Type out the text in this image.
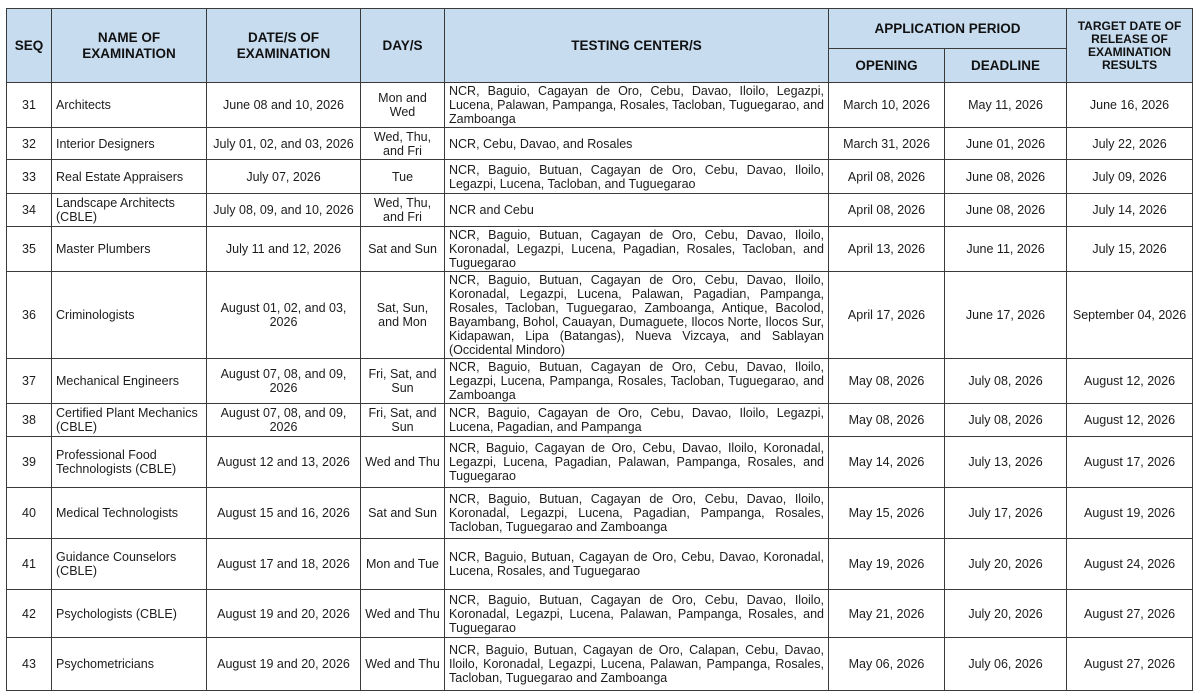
SEQ	NAME OF EXAMINATION	DATE/S OF EXAMINATION	DAY/S	TESTING CENTER/S	APPLICATION PERIOD		TARGET DATE OF RELEASE OF EXAMINATION RESULTS
					OPENING	DEADLINE	
31	Architects	June 08 and 10, 2026	Mon and Wed	NCR, Baguio, Cagayan de Oro, Cebu, Davao, Iloilo, Legazpi, Lucena, Palawan, Pampanga, Rosales, Tacloban, Tuguegarao, and Zamboanga	March 10, 2026	May 11, 2026	June 16, 2026
32	Interior Designers	July 01, 02, and 03, 2026	Wed, Thu, and Fri	NCR, Cebu, Davao, and Rosales	March 31, 2026	June 01, 2026	July 22, 2026
33	Real Estate Appraisers	July 07, 2026	Tue	NCR, Baguio, Butuan, Cagayan de Oro, Cebu, Davao, Iloilo, Legazpi, Lucena, Tacloban, and Tuguegarao	April 08, 2026	June 08, 2026	July 09, 2026
34	Landscape Architects (CBLE)	July 08, 09, and 10, 2026	Wed, Thu, and Fri	NCR and Cebu	April 08, 2026	June 08, 2026	July 14, 2026
35	Master Plumbers	July 11 and 12, 2026	Sat and Sun	NCR, Baguio, Butuan, Cagayan de Oro, Cebu, Davao, Iloilo, Koronadal, Legazpi, Lucena, Pagadian, Rosales, Tacloban, and Tuguegarao	April 13, 2026	June 11, 2026	July 15, 2026
36	Criminologists	August 01, 02, and 03, 2026	Sat, Sun, and Mon	NCR, Baguio, Butuan, Cagayan de Oro, Cebu, Davao, Iloilo, Koronadal, Legazpi, Lucena, Palawan, Pagadian, Pampanga, Rosales, Tacloban, Tuguegarao, Zamboanga, Antique, Bacolod, Bayambang, Bohol, Cauayan, Dumaguete, Ilocos Norte, Ilocos Sur, Kidapawan, Lipa (Batangas), Nueva Vizcaya, and Sablayan (Occidental Mindoro)	April 17, 2026	June 17, 2026	September 04, 2026
37	Mechanical Engineers	August 07, 08, and 09, 2026	Fri, Sat, and Sun	NCR, Baguio, Butuan, Cagayan de Oro, Cebu, Davao, Iloilo, Legazpi, Lucena, Pampanga, Rosales, Tacloban, Tuguegarao, and Zamboanga	May 08, 2026	July 08, 2026	August 12, 2026
38	Certified Plant Mechanics (CBLE)	August 07, 08, and 09, 2026	Fri, Sat, and Sun	NCR, Baguio, Cagayan de Oro, Cebu, Davao, Iloilo, Legazpi, Lucena, Pagadian, and Pampanga	May 08, 2026	July 08, 2026	August 12, 2026
39	Professional Food Technologists (CBLE)	August 12 and 13, 2026	Wed and Thu	NCR, Baguio, Cagayan de Oro, Cebu, Davao, Iloilo, Koronadal, Legazpi, Lucena, Pagadian, Palawan, Pampanga, Rosales, and Tuguegarao	May 14, 2026	July 13, 2026	August 17, 2026
40	Medical Technologists	August 15 and 16, 2026	Sat and Sun	NCR, Baguio, Butuan, Cagayan de Oro, Cebu, Davao, Iloilo, Koronadal, Legazpi, Lucena, Pagadian, Pampanga, Rosales, Tacloban, Tuguegarao and Zamboanga	May 15, 2026	July 17, 2026	August 19, 2026
41	Guidance Counselors (CBLE)	August 17 and 18, 2026	Mon and Tue	NCR, Baguio, Butuan, Cagayan de Oro, Cebu, Davao, Koronadal, Lucena, Rosales, and Tuguegarao	May 19, 2026	July 20, 2026	August 24, 2026
42	Psychologists (CBLE)	August 19 and 20, 2026	Wed and Thu	NCR, Baguio, Butuan, Cagayan de Oro, Cebu, Davao, Iloilo, Koronadal, Legazpi, Lucena, Palawan, Pampanga, Rosales, and Tuguegarao	May 21, 2026	July 20, 2026	August 27, 2026
43	Psychometricians	August 19 and 20, 2026	Wed and Thu	NCR, Baguio, Butuan, Cagayan de Oro, Calapan, Cebu, Davao, Iloilo, Koronadal, Legazpi, Lucena, Palawan, Pampanga, Rosales, Tacloban, Tuguegarao and Zamboanga	May 06, 2026	July 06, 2026	August 27, 2026
